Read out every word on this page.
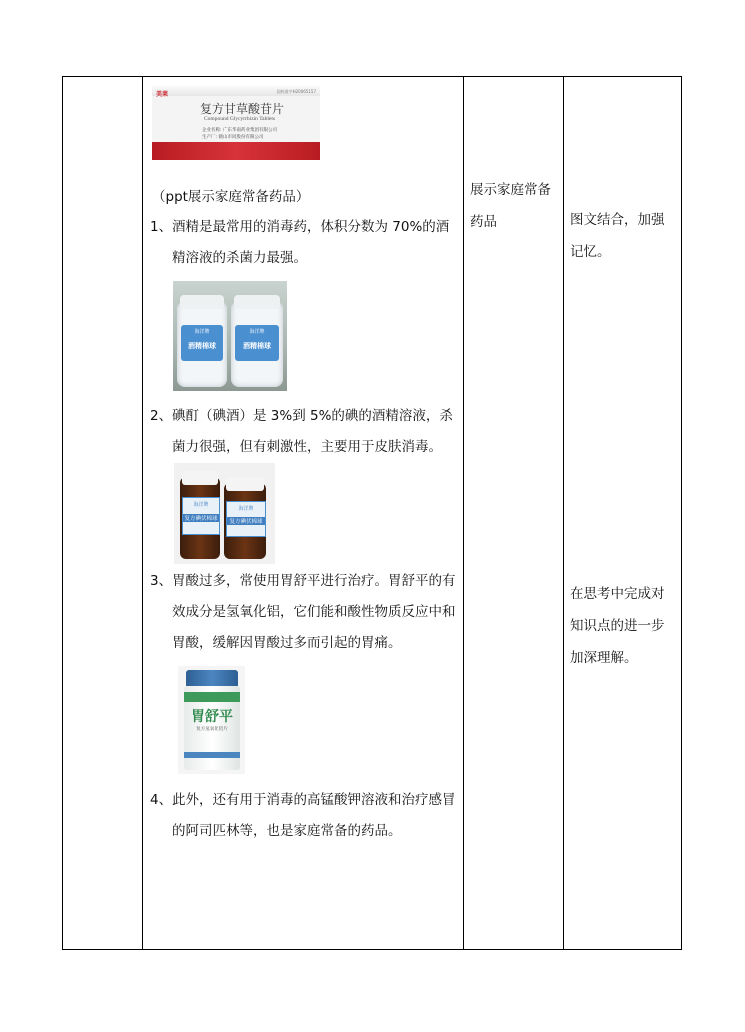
美莱	国药准字H20065157
复方甘草酸苷片
Compound Glycyrrhizin Tablets
企业名称: 广东华南药业集团有限公司
生产厂: 鹤山市同股份有限公司
（ppt展示家庭常备药品）
1、 酒精是最常用的消毒药，体积分数为 70%的酒精溶液的杀菌力最强。
海洋牌
酒精棉球
海洋牌
酒精棉球
2、 碘酊（碘酒）是 3%到 5%的碘的酒精溶液，杀菌力很强，但有刺激性，主要用于皮肤消毒。
海洋牌
复方碘伏棉球
海洋牌
复方碘伏棉球
3、 胃酸过多，常使用胃舒平进行治疗。胃舒平的有效成分是氢氧化铝，它们能和酸性物质反应中和胃酸，缓解因胃酸过多而引起的胃痛。
胃舒平
复方氢氧化铝片
4、 此外，还有用于消毒的高锰酸钾溶液和治疗感冒的阿司匹林等，也是家庭常备的药品。
展示家庭常备药品	图文结合，加强记忆。
在思考中完成对知识点的进一步加深理解。
